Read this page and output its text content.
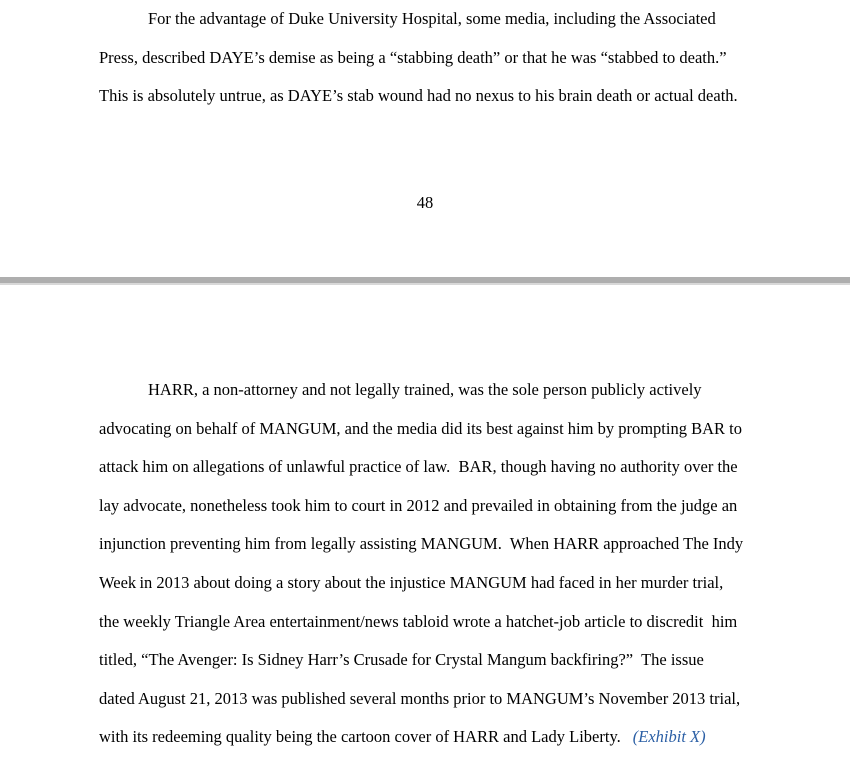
For the advantage of Duke University Hospital, some media, including the Associated
Press, described DAYE’s demise as being a “stabbing death” or that he was “stabbed to death.”
This is absolutely untrue, as DAYE’s stab wound had no nexus to his brain death or actual death.
48
HARR, a non-attorney and not legally trained, was the sole person publicly actively
advocating on behalf of MANGUM, and the media did its best against him by prompting BAR to
attack him on allegations of unlawful practice of law.  BAR, though having no authority over the
lay advocate, nonetheless took him to court in 2012 and prevailed in obtaining from the judge an
injunction preventing him from legally assisting MANGUM.  When HARR approached The Indy
Week in 2013 about doing a story about the injustice MANGUM had faced in her murder trial,
the weekly Triangle Area entertainment/news tabloid wrote a hatchet-job article to discredit  him
titled, “The Avenger: Is Sidney Harr’s Crusade for Crystal Mangum backfiring?”  The issue
dated August 21, 2013 was published several months prior to MANGUM’s November 2013 trial,
with its redeeming quality being the cartoon cover of HARR and Lady Liberty. (Exhibit X)
